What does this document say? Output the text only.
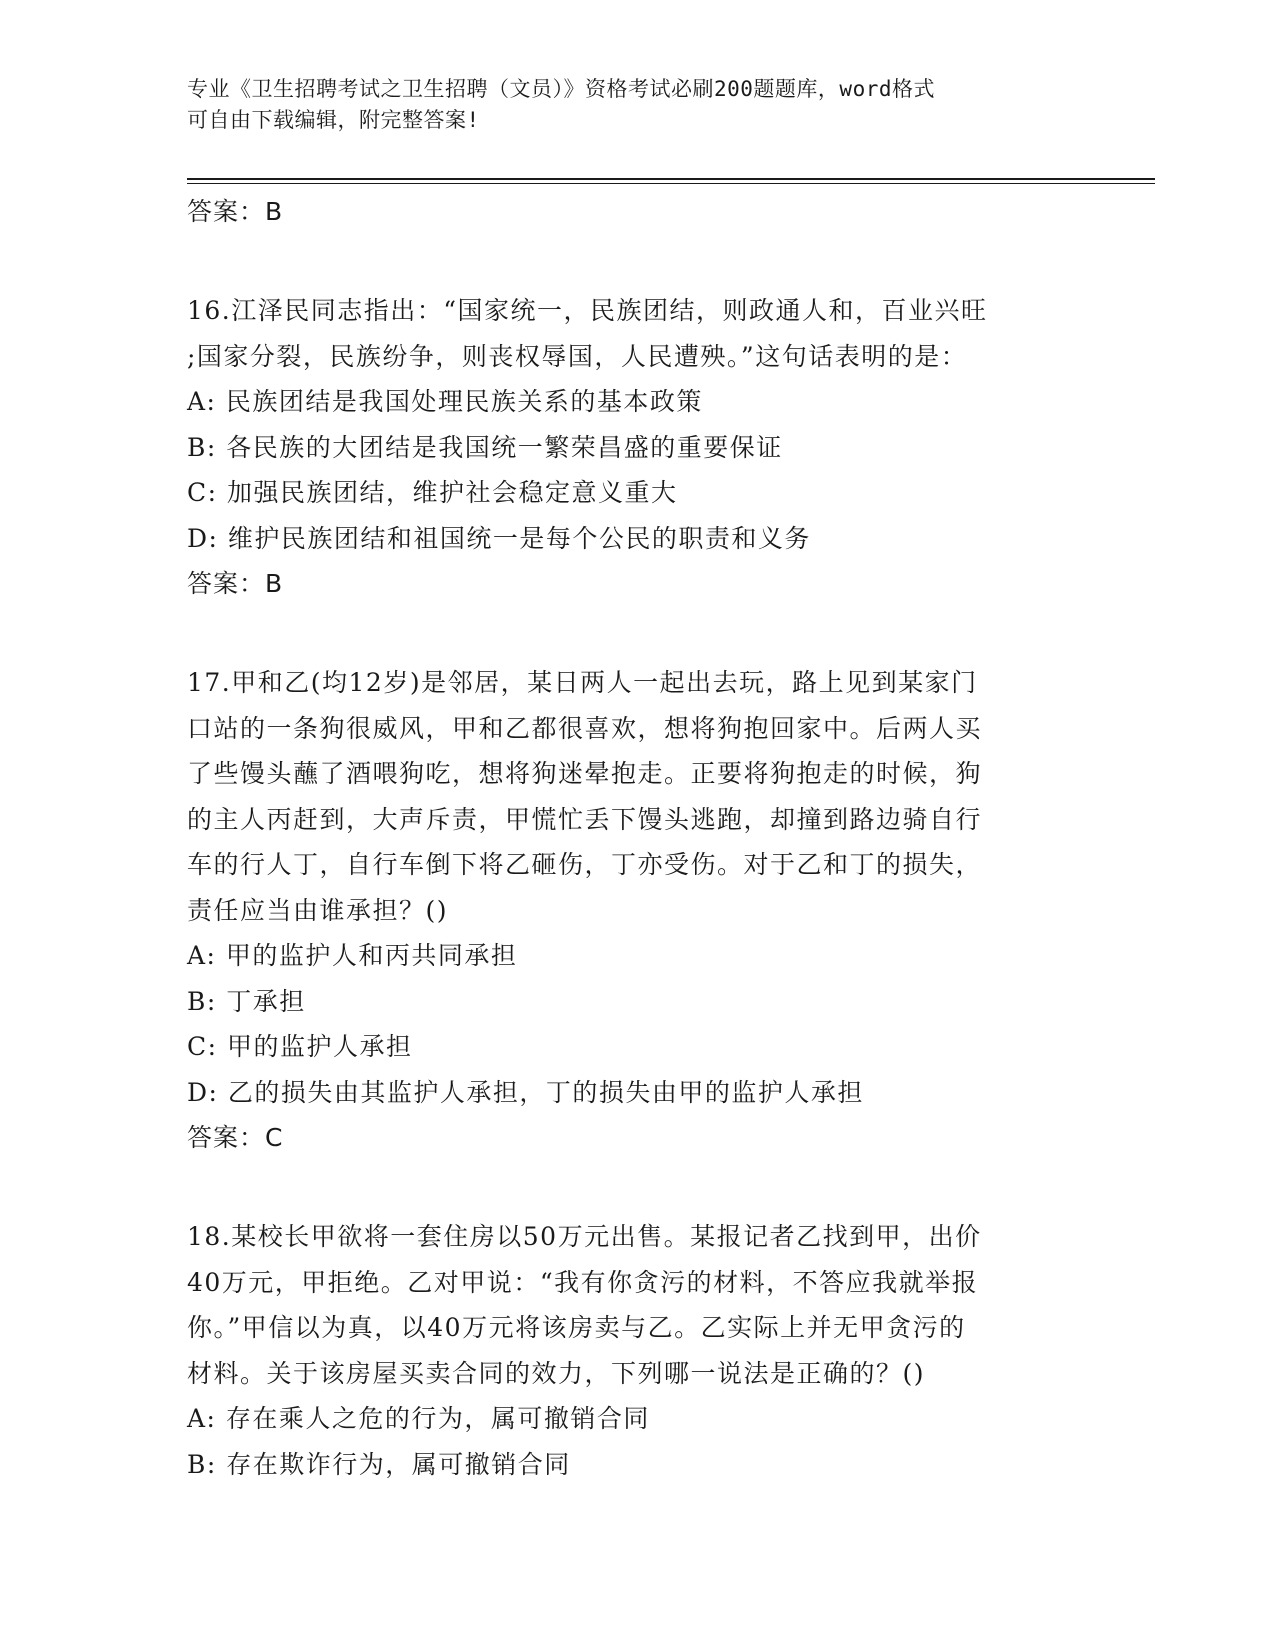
专业《卫生招聘考试之卫生招聘（文员）》资格考试必刷200题题库，word格式
可自由下载编辑，附完整答案!
答案：B
16.江泽民同志指出：“国家统一，民族团结，则政通人和，百业兴旺
;国家分裂，民族纷争，则丧权辱国，人民遭殃。”这句话表明的是：
A: 民族团结是我国处理民族关系的基本政策
B: 各民族的大团结是我国统一繁荣昌盛的重要保证
C: 加强民族团结，维护社会稳定意义重大
D: 维护民族团结和祖国统一是每个公民的职责和义务
答案：B
17.甲和乙(均12岁)是邻居，某日两人一起出去玩，路上见到某家门
口站的一条狗很威风，甲和乙都很喜欢，想将狗抱回家中。后两人买
了些馒头蘸了酒喂狗吃，想将狗迷晕抱走。正要将狗抱走的时候，狗
的主人丙赶到，大声斥责，甲慌忙丢下馒头逃跑，却撞到路边骑自行
车的行人丁，自行车倒下将乙砸伤，丁亦受伤。对于乙和丁的损失，
责任应当由谁承担？()
A: 甲的监护人和丙共同承担
B: 丁承担
C: 甲的监护人承担
D: 乙的损失由其监护人承担，丁的损失由甲的监护人承担
答案：C
18.某校长甲欲将一套住房以50万元出售。某报记者乙找到甲，出价
40万元，甲拒绝。乙对甲说：“我有你贪污的材料，不答应我就举报
你。”甲信以为真，以40万元将该房卖与乙。乙实际上并无甲贪污的
材料。关于该房屋买卖合同的效力，下列哪一说法是正确的？()
A: 存在乘人之危的行为，属可撤销合同
B: 存在欺诈行为，属可撤销合同
